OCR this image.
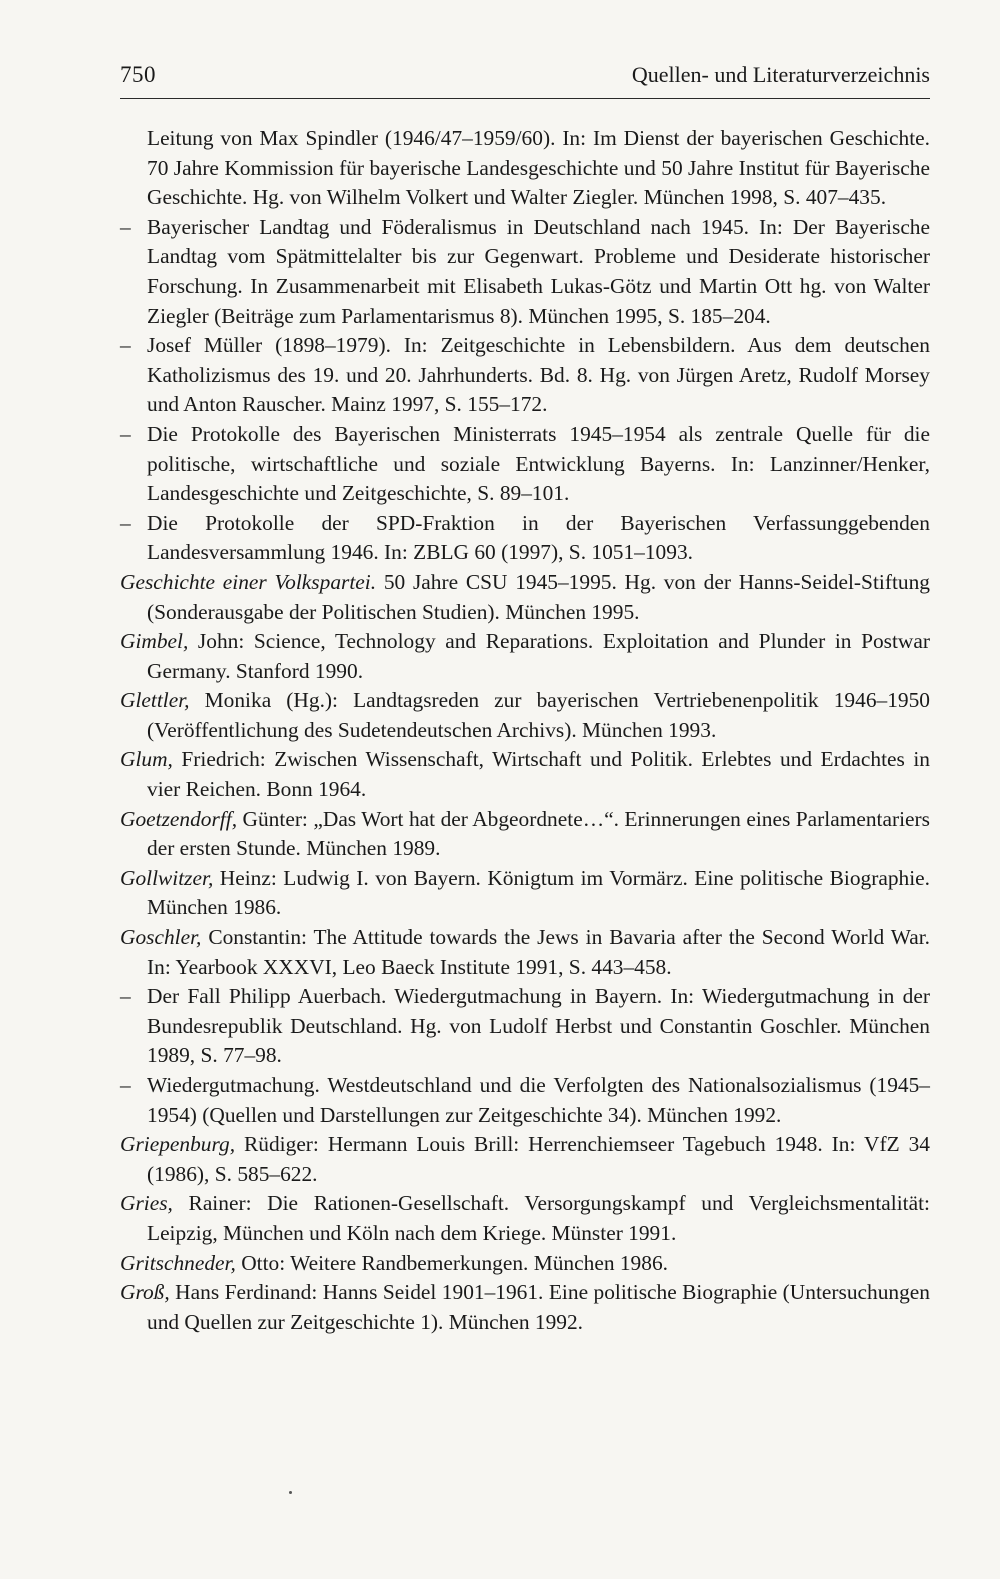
750	Quellen- und Literaturverzeichnis

Leitung von Max Spindler (1946/47–1959/60). In: Im Dienst der bayerischen Geschichte. 70 Jahre Kommission für bayerische Landesgeschichte und 50 Jahre Institut für Bayerische Geschichte. Hg. von Wilhelm Volkert und Walter Ziegler. München 1998, S. 407–435.

– Bayerischer Landtag und Föderalismus in Deutschland nach 1945. In: Der Bayerische Landtag vom Spätmittelalter bis zur Gegenwart. Probleme und Desiderate historischer Forschung. In Zusammenarbeit mit Elisabeth Lukas-Götz und Martin Ott hg. von Walter Ziegler (Beiträge zum Parlamentarismus 8). München 1995, S. 185–204.

– Josef Müller (1898–1979). In: Zeitgeschichte in Lebensbildern. Aus dem deutschen Katholizismus des 19. und 20. Jahrhunderts. Bd. 8. Hg. von Jürgen Aretz, Rudolf Morsey und Anton Rauscher. Mainz 1997, S. 155–172.

– Die Protokolle des Bayerischen Ministerrats 1945–1954 als zentrale Quelle für die politische, wirtschaftliche und soziale Entwicklung Bayerns. In: Lanzinner/Henker, Landesgeschichte und Zeitgeschichte, S. 89–101.

– Die Protokolle der SPD-Fraktion in der Bayerischen Verfassunggebenden Landesversammlung 1946. In: ZBLG 60 (1997), S. 1051–1093.

Geschichte einer Volkspartei. 50 Jahre CSU 1945–1995. Hg. von der Hanns-Seidel-Stiftung (Sonderausgabe der Politischen Studien). München 1995.

Gimbel, John: Science, Technology and Reparations. Exploitation and Plunder in Postwar Germany. Stanford 1990.

Glettler, Monika (Hg.): Landtagsreden zur bayerischen Vertriebenenpolitik 1946–1950 (Veröffentlichung des Sudetendeutschen Archivs). München 1993.

Glum, Friedrich: Zwischen Wissenschaft, Wirtschaft und Politik. Erlebtes und Erdachtes in vier Reichen. Bonn 1964.

Goetzendorff, Günter: „Das Wort hat der Abgeordnete…“. Erinnerungen eines Parlamentariers der ersten Stunde. München 1989.

Gollwitzer, Heinz: Ludwig I. von Bayern. Königtum im Vormärz. Eine politische Biographie. München 1986.

Goschler, Constantin: The Attitude towards the Jews in Bavaria after the Second World War. In: Yearbook XXXVI, Leo Baeck Institute 1991, S. 443–458.

– Der Fall Philipp Auerbach. Wiedergutmachung in Bayern. In: Wiedergutmachung in der Bundesrepublik Deutschland. Hg. von Ludolf Herbst und Constantin Goschler. München 1989, S. 77–98.

– Wiedergutmachung. Westdeutschland und die Verfolgten des Nationalsozialismus (1945–1954) (Quellen und Darstellungen zur Zeitgeschichte 34). München 1992.

Griepenburg, Rüdiger: Hermann Louis Brill: Herrenchiemseer Tagebuch 1948. In: VfZ 34 (1986), S. 585–622.

Gries, Rainer: Die Rationen-Gesellschaft. Versorgungskampf und Vergleichsmentalität: Leipzig, München und Köln nach dem Kriege. Münster 1991.

Gritschneder, Otto: Weitere Randbemerkungen. München 1986.

Groß, Hans Ferdinand: Hanns Seidel 1901–1961. Eine politische Biographie (Untersuchungen und Quellen zur Zeitgeschichte 1). München 1992.
